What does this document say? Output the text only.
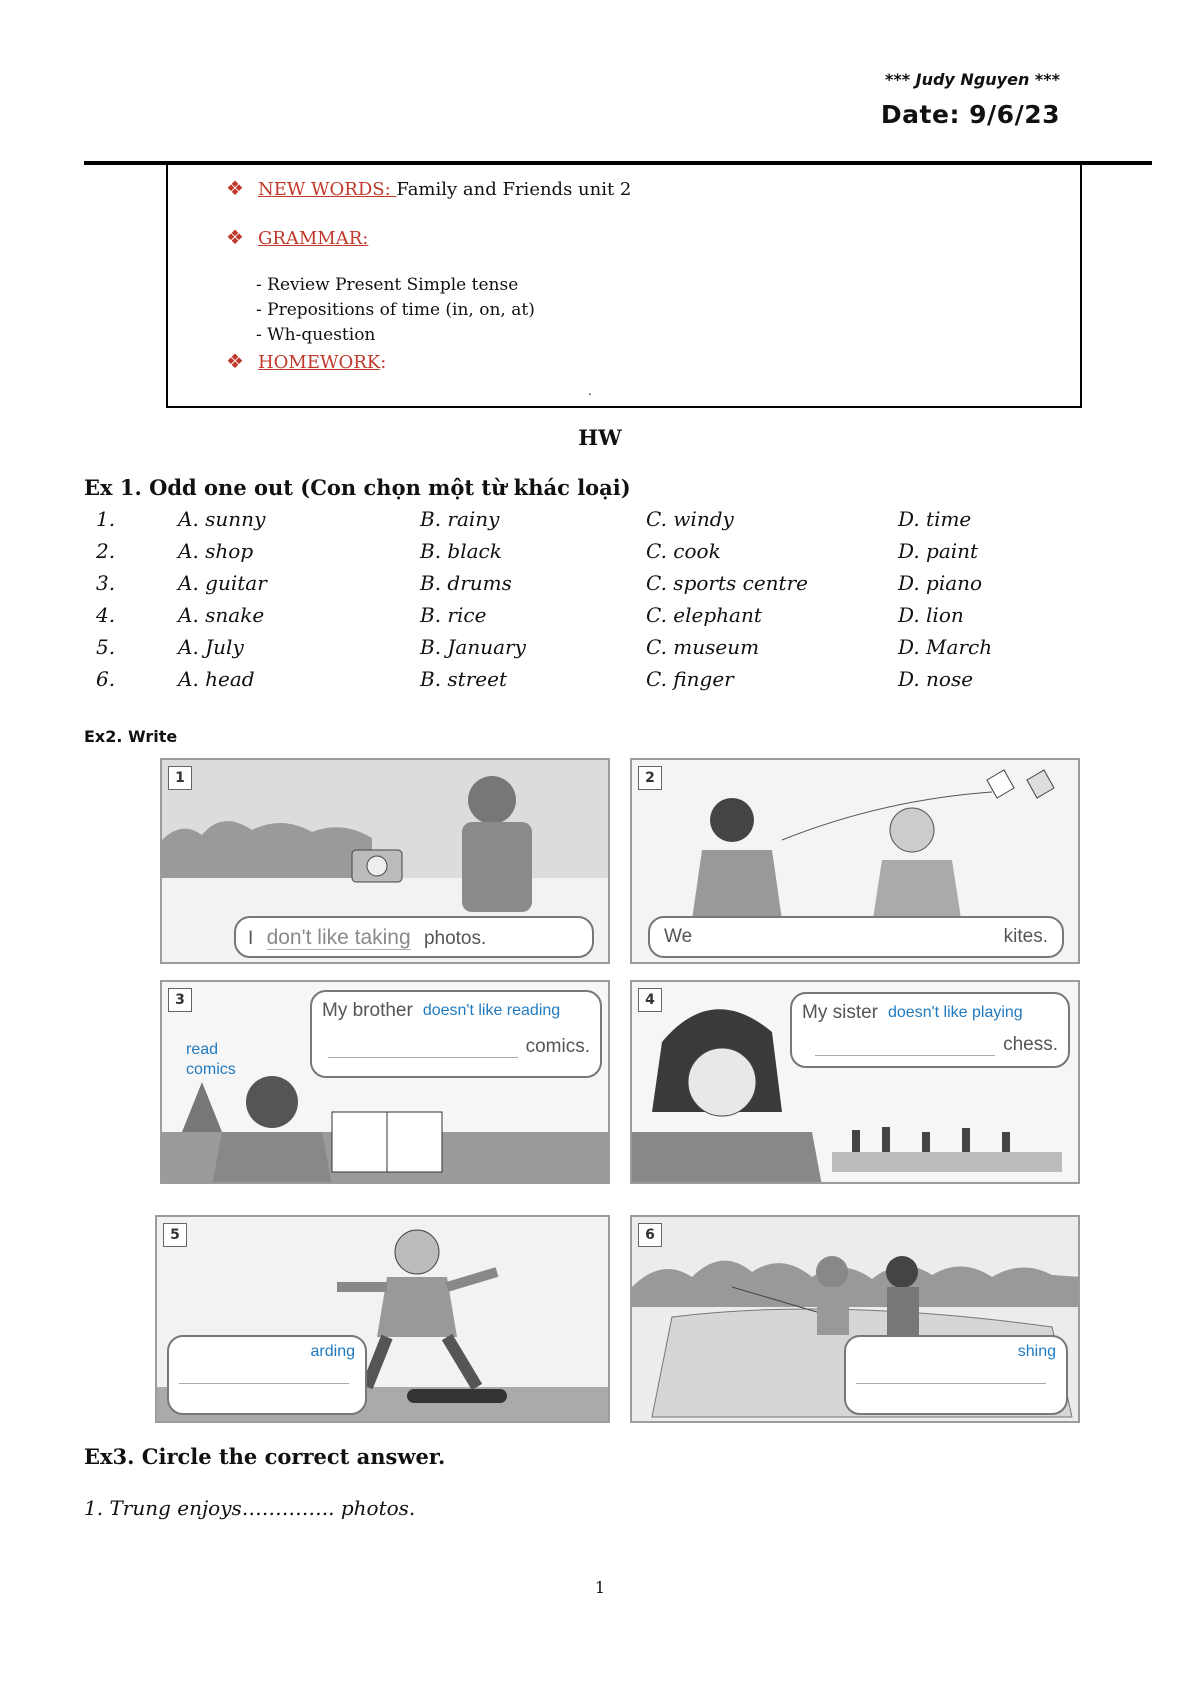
*** Judy Nguyen ***
Date: 9/6/23
❖ NEW WORDS: Family and Friends unit 2
❖ GRAMMAR:
- Review Present Simple tense
- Prepositions of time (in, on, at)
- Wh-question
❖ HOMEWORK:
.
HW
Ex 1. Odd one out (Con chọn một từ khác loại)
1.	A. sunny	B. rainy	C. windy	D. time
2.	A. shop	B. black	C. cook	D. paint
3.	A. guitar	B. drums	C. sports centre	D. piano
4.	A. snake	B. rice	C. elephant	D. lion
5.	A. July	B. January	C. museum	D. March
6.	A. head	B. street	C. finger	D. nose
Ex2. Write
1
I don't like taking photos.
2
We	kites.
3
read
comics
My brother doesn't like reading
comics.
4
My sister doesn't like playing
chess.
5
arding
6
shing
Ex3. Circle the correct answer.
1. Trung enjoys………….. photos.
1
